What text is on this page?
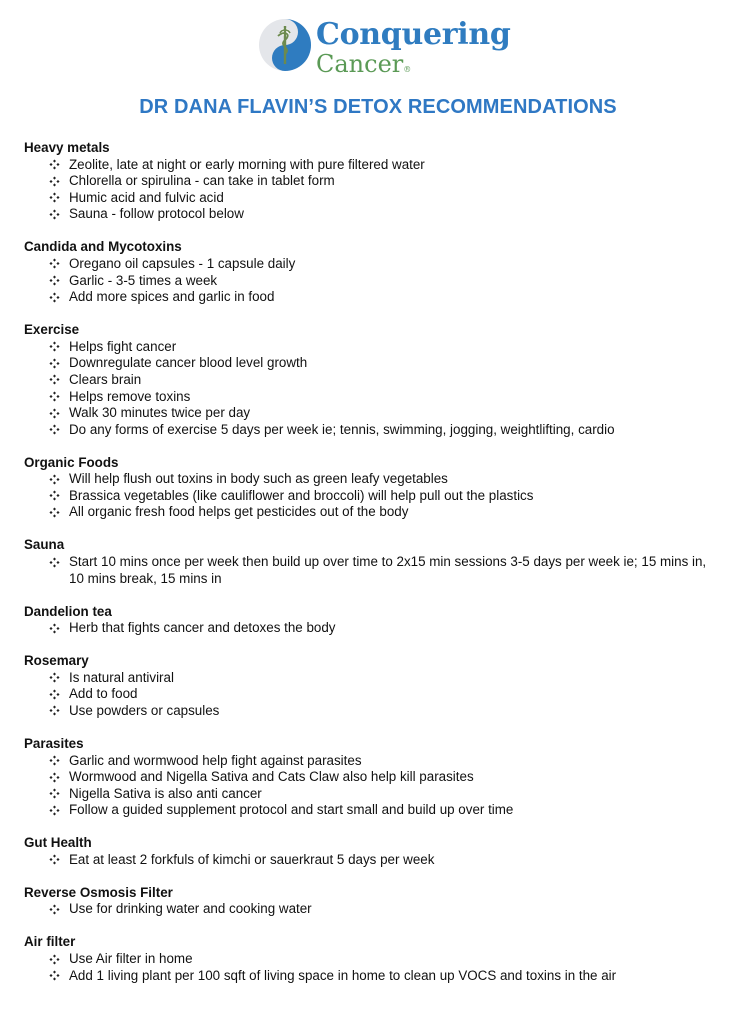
Conquering
Cancer®
DR DANA FLAVIN’S DETOX RECOMMENDATIONS
Heavy metals
Zeolite, late at night or early morning with pure filtered water
Chlorella or spirulina - can take in tablet form
Humic acid and fulvic acid
Sauna - follow protocol below
Candida and Mycotoxins
Oregano oil capsules - 1 capsule daily
Garlic - 3-5 times a week
Add more spices and garlic in food
Exercise
Helps fight cancer
Downregulate cancer blood level growth
Clears brain
Helps remove toxins
Walk 30 minutes twice per day
Do any forms of exercise 5 days per week ie; tennis, swimming, jogging, weightlifting, cardio
Organic Foods
Will help flush out toxins in body such as green leafy vegetables
Brassica vegetables (like cauliflower and broccoli) will help pull out the plastics
All organic fresh food helps get pesticides out of the body
Sauna
Start 10 mins once per week then build up over time to 2x15 min sessions 3-5 days per week ie; 15 mins in, 10 mins break, 15 mins in
Dandelion tea
Herb that fights cancer and detoxes the body
Rosemary
Is natural antiviral
Add to food
Use powders or capsules
Parasites
Garlic and wormwood help fight against parasites
Wormwood and Nigella Sativa and Cats Claw also help kill parasites
Nigella Sativa is also anti cancer
Follow a guided supplement protocol and start small and build up over time
Gut Health
Eat at least 2 forkfuls of kimchi or sauerkraut 5 days per week
Reverse Osmosis Filter
Use for drinking water and cooking water
Air filter
Use Air filter in home
Add 1 living plant per 100 sqft of living space in home to clean up VOCS and toxins in the air
